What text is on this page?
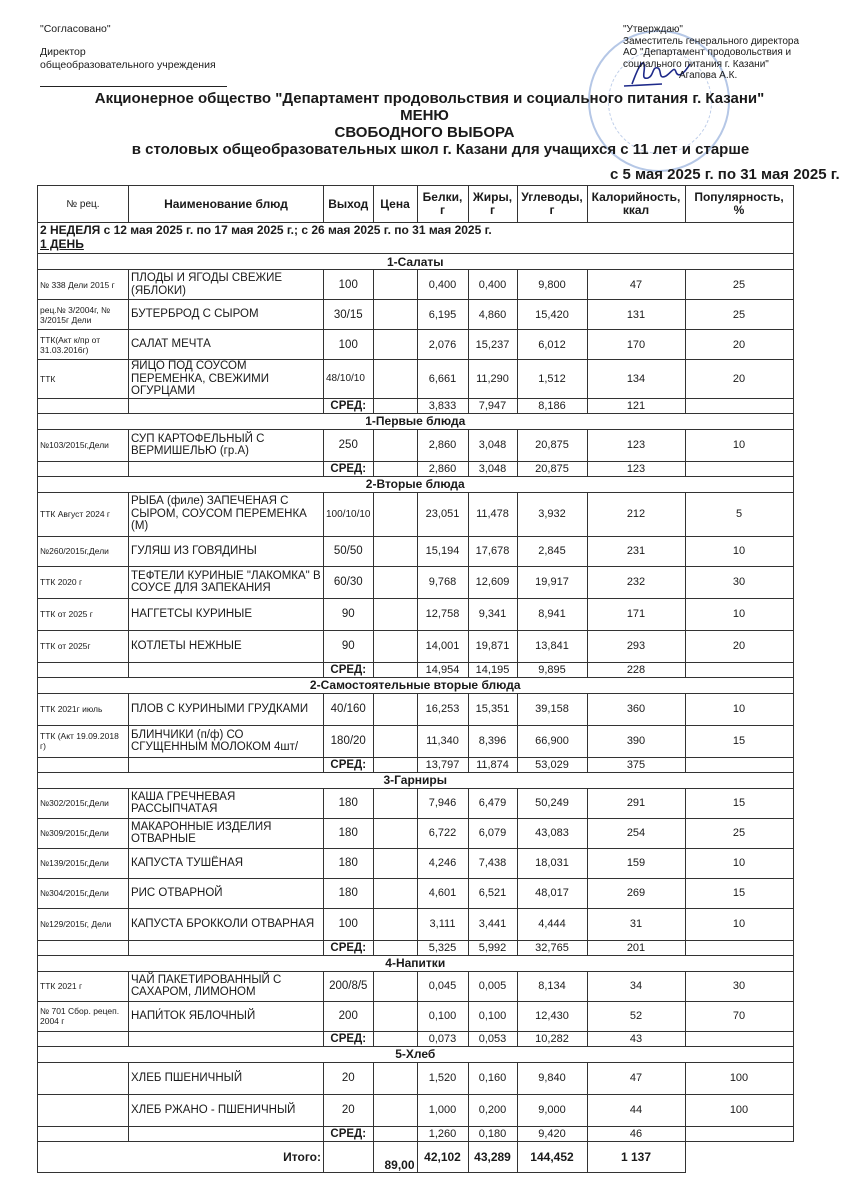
"Согласовано"
Директор
общеобразовательного учреждения
"Утверждаю"
Заместитель генерального директора
АО "Департамент продовольствия и
социального питания г. Казани"
Агапова А.К.
Акционерное общество "Департамент продовольствия и социального питания г. Казани"
МЕНЮ
СВОБОДНОГО ВЫБОРА
в столовых общеобразовательных школ г. Казани для учащихся с 11 лет и старше
с 5 мая 2025 г. по 31 мая 2025 г.
№ рец.	Наименование блюд	Выход	Цена	Белки, г	Жиры, г	Углеводы, г	Калорийность, ккал	Популярность, %

2 НЕДЕЛЯ с 12 мая 2025 г. по 17 мая 2025 г.; с 26 мая 2025 г. по 31 мая 2025 г.
1 ДЕНЬ								
1-Салаты								
№ 338 Дели 2015 г	ПЛОДЫ И ЯГОДЫ СВЕЖИЕ (ЯБЛОКИ)	100		0,400	0,400	9,800	47	25
рец.№ 3/2004г, № 3/2015г Дели	БУТЕРБРОД С СЫРОМ	30/15		6,195	4,860	15,420	131	25
ТТК(Акт к/пр от 31.03.2016г)	САЛАТ МЕЧТА	100		2,076	15,237	6,012	170	20
ТТК	ЯИЦО ПОД СОУСОМ ПЕРЕМЕНКА, СВЕЖИМИ ОГУРЦАМИ	48/10/10		6,661	11,290	1,512	134	20
		СРЕД:		3,833	7,947	8,186	121	
1-Первые блюда								
№103/2015г,Дели	СУП КАРТОФЕЛЬНЫЙ С ВЕРМИШЕЛЬЮ (гр.А)	250		2,860	3,048	20,875	123	10
		СРЕД:		2,860	3,048	20,875	123	
2-Вторые блюда								
ТТК Август 2024 г	РЫБА (филе) ЗАПЕЧЕНАЯ С СЫРОМ, СОУСОМ ПЕРЕМЕНКА (М)	100/10/10		23,051	11,478	3,932	212	5
№260/2015г,Дели	ГУЛЯШ ИЗ ГОВЯДИНЫ	50/50		15,194	17,678	2,845	231	10
ТТК 2020 г	ТЕФТЕЛИ КУРИНЫЕ "ЛАКОМКА" В СОУСЕ ДЛЯ ЗАПЕКАНИЯ	60/30		9,768	12,609	19,917	232	30
ТТК от 2025 г	НАГГЕТСЫ КУРИНЫЕ	90		12,758	9,341	8,941	171	10
ТТК от 2025г	КОТЛЕТЫ НЕЖНЫЕ	90		14,001	19,871	13,841	293	20
		СРЕД:		14,954	14,195	9,895	228	
2-Самостоятельные вторые блюда								
ТТК 2021г июль	ПЛОВ С КУРИНЫМИ ГРУДКАМИ	40/160		16,253	15,351	39,158	360	10
ТТК (Акт 19.09.2018 г)	БЛИНЧИКИ (п/ф) СО СГУЩЕННЫМ МОЛОКОМ 4шт/	180/20		11,340	8,396	66,900	390	15
		СРЕД:		13,797	11,874	53,029	375	
3-Гарниры								
№302/2015г,Дели	КАША ГРЕЧНЕВАЯ РАССЫПЧАТАЯ	180		7,946	6,479	50,249	291	15
№309/2015г,Дели	МАКАРОННЫЕ ИЗДЕЛИЯ ОТВАРНЫЕ	180		6,722	6,079	43,083	254	25
№139/2015г,Дели	КАПУСТА ТУШЁНАЯ	180		4,246	7,438	18,031	159	10
№304/2015г,Дели	РИС ОТВАРНОЙ	180		4,601	6,521	48,017	269	15
№129/2015г, Дели	КАПУСТА БРОККОЛИ ОТВАРНАЯ	100		3,111	3,441	4,444	31	10
		СРЕД:		5,325	5,992	32,765	201	
4-Напитки								
ТТК 2021 г	ЧАЙ ПАКЕТИРОВАННЫЙ С САХАРОМ, ЛИМОНОМ	200/8/5		0,045	0,005	8,134	34	30
№ 701 Сбор. рецеп. 2004 г	НАПИ́ТОК ЯБЛОЧНЫЙ	200		0,100	0,100	12,430	52	70
		СРЕД:		0,073	0,053	10,282	43	
5-Хлеб								
	ХЛЕБ ПШЕНИЧНЫЙ	20		1,520	0,160	9,840	47	100
	ХЛЕБ РЖАНО - ПШЕНИЧНЫЙ	20		1,000	0,200	9,000	44	100
		СРЕД:		1,260	0,180	9,420	46	
Итого:			89,00	42,102	43,289	144,452	1 137	
